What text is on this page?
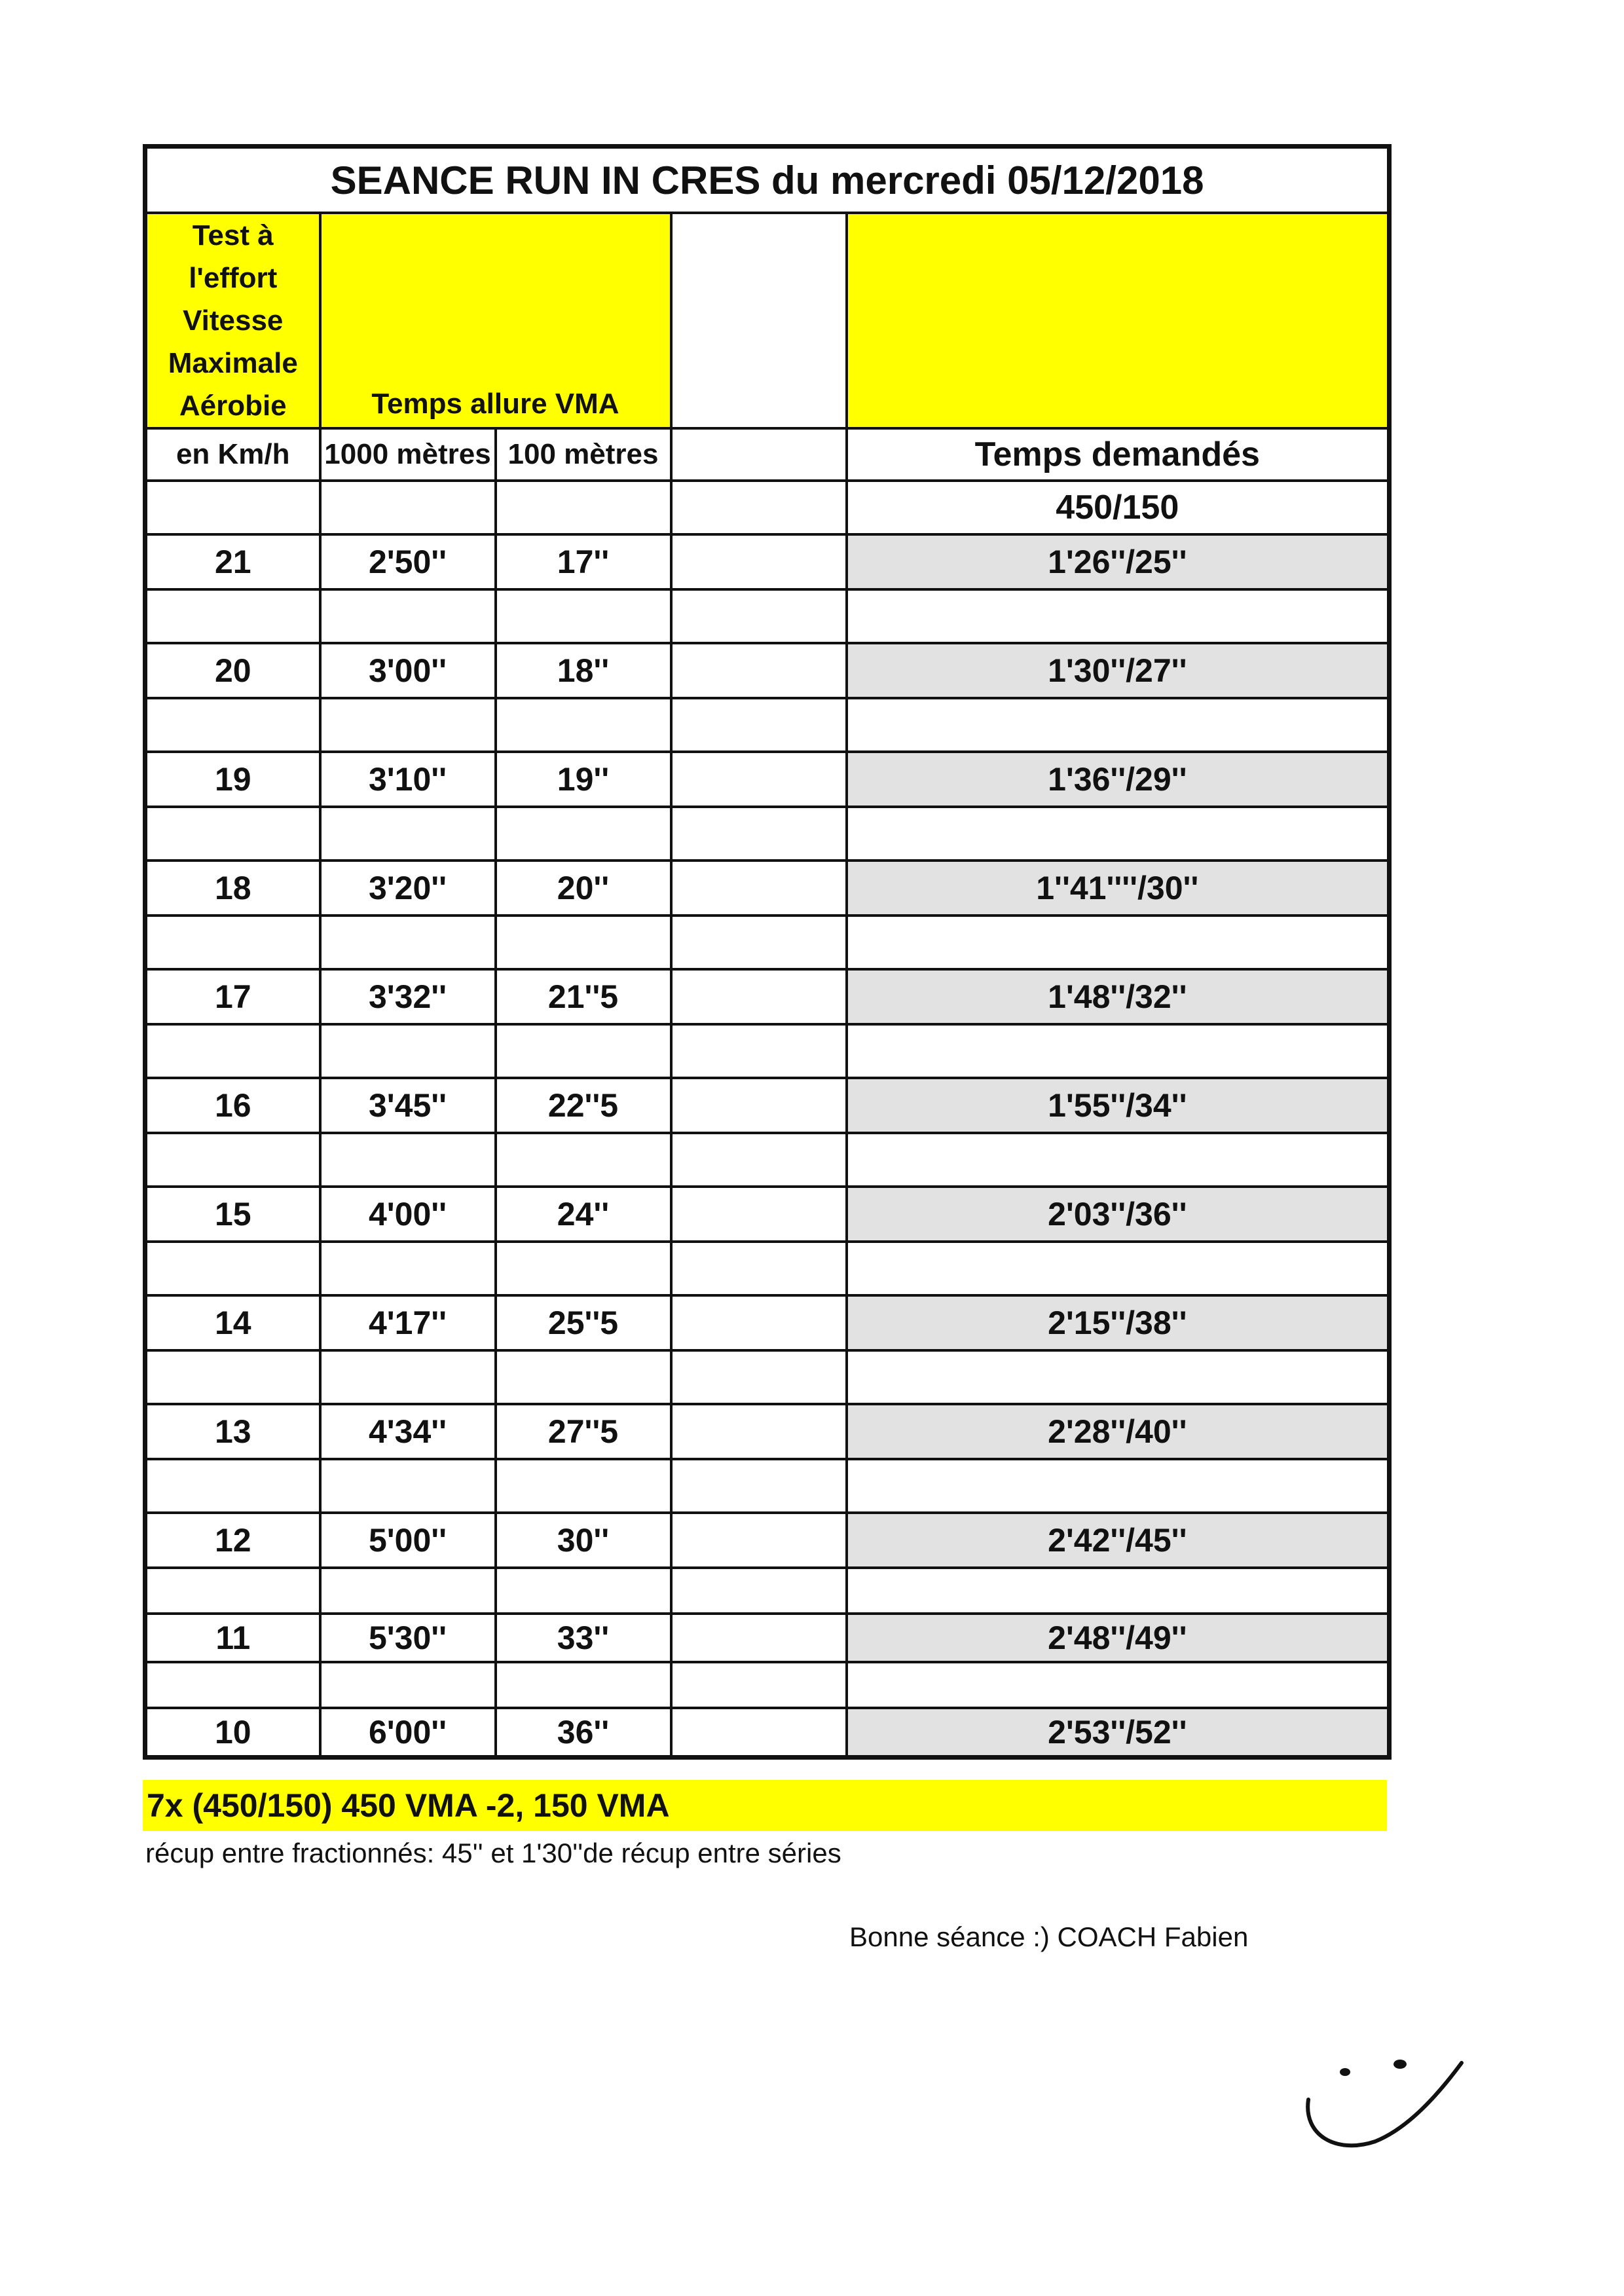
SEANCE RUN IN CRES du mercredi 05/12/2018				
Test à
l'effort
Vitesse
Maximale
Aérobie	Temps allure VMA			
en Km/h	1000 mètres	100 mètres		Temps demandés
				450/150
21	2'50''	17''		1'26''/25''

20	3'00''	18''		1'30''/27''

19	3'10''	19''		1'36''/29''

18	3'20''	20''		1''41''''/30''

17	3'32''	21''5		1'48''/32''

16	3'45''	22''5		1'55''/34''

15	4'00''	24''		2'03''/36''

14	4'17''	25''5		2'15''/38''

13	4'34''	27''5		2'28''/40''

12	5'00''	30''		2'42''/45''

11	5'30''	33''		2'48''/49''

10	6'00''	36''		2'53''/52''
7x (450/150) 450 VMA -2, 150 VMA
récup entre fractionnés: 45'' et 1'30''de récup entre séries
Bonne séance :) COACH Fabien
